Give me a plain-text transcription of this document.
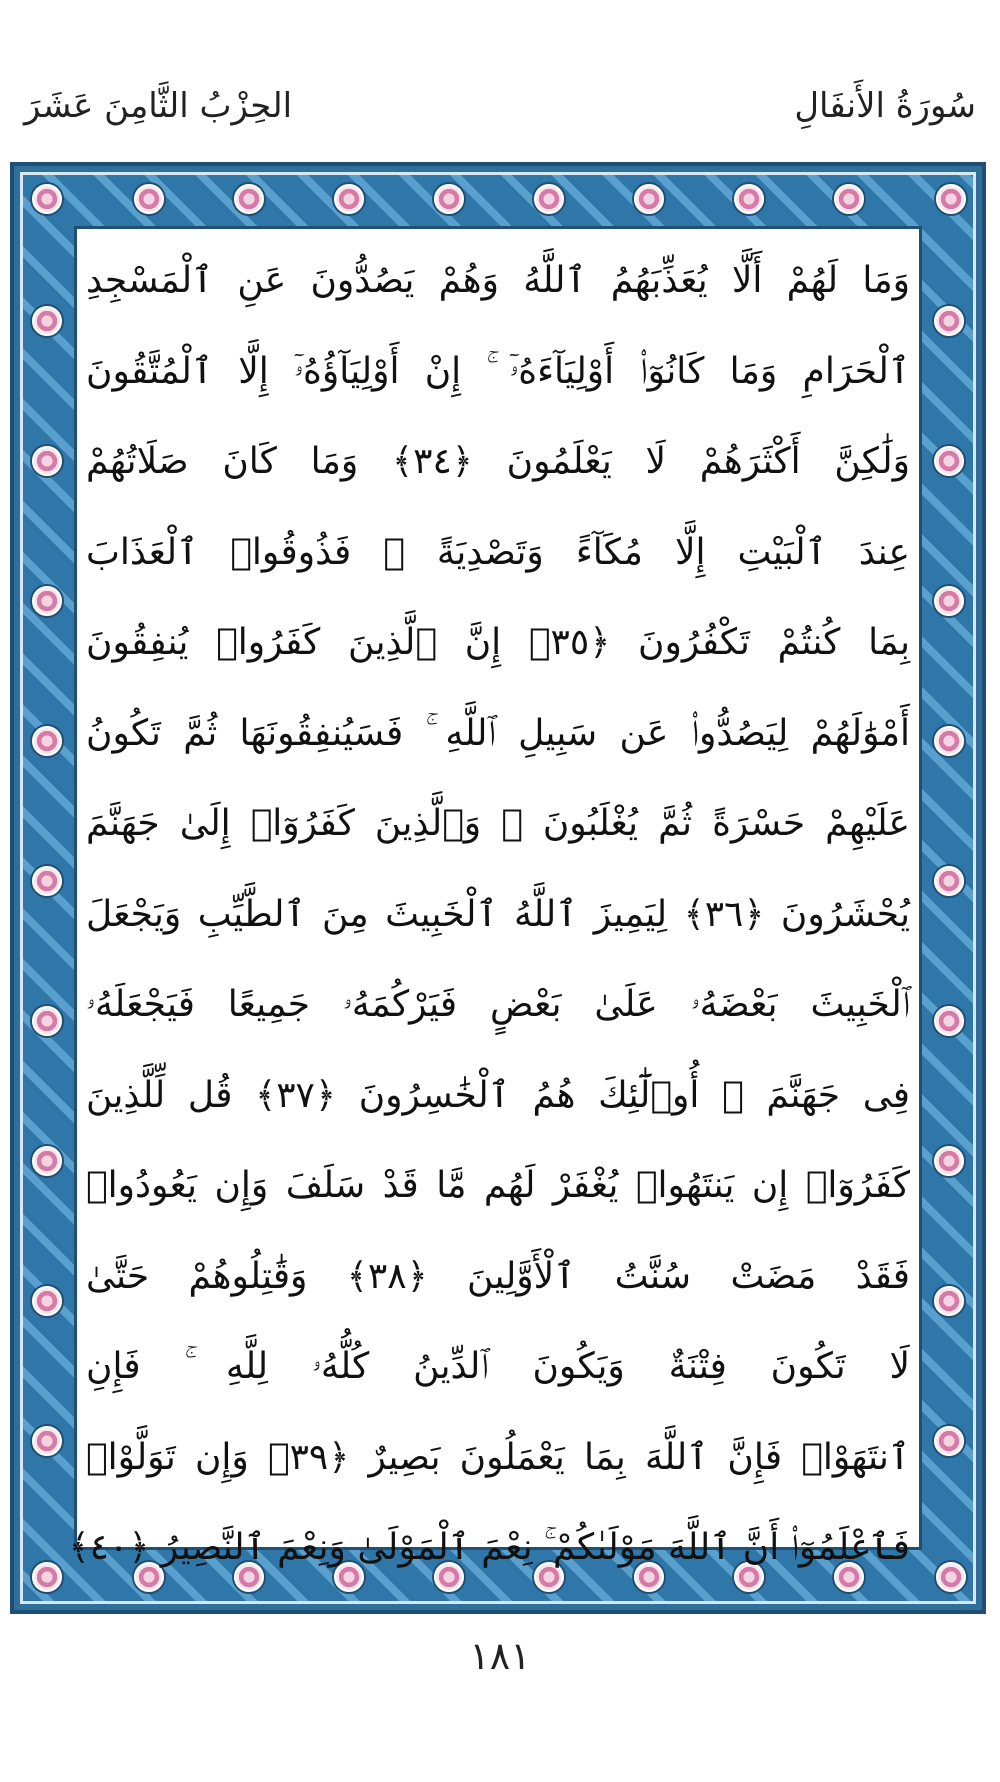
سُورَةُ الأَنفَالِ
الحِزْبُ الثَّامِنَ عَشَرَ
وَمَا لَهُمْ أَلَّا يُعَذِّبَهُمُ ٱللَّهُ وَهُمْ يَصُدُّونَ عَنِ ٱلْمَسْجِدِ
ٱلْحَرَامِ وَمَا كَانُوٓا۟ أَوْلِيَآءَهُۥٓ ۚ إِنْ أَوْلِيَآؤُهُۥٓ إِلَّا ٱلْمُتَّقُونَ
وَلَٰكِنَّ أَكْثَرَهُمْ لَا يَعْلَمُونَ ﴿٣٤﴾ وَمَا كَانَ صَلَاتُهُمْ
عِندَ ٱلْبَيْتِ إِلَّا مُكَآءً وَتَصْدِيَةً ۚ فَذُوقُوا۟ ٱلْعَذَابَ
بِمَا كُنتُمْ تَكْفُرُونَ ﴿٣٥﴾ إِنَّ ٱلَّذِينَ كَفَرُوا۟ يُنفِقُونَ
أَمْوَٰلَهُمْ لِيَصُدُّوا۟ عَن سَبِيلِ ٱللَّهِ ۚ فَسَيُنفِقُونَهَا ثُمَّ تَكُونُ
عَلَيْهِمْ حَسْرَةً ثُمَّ يُغْلَبُونَ ۗ وَٱلَّذِينَ كَفَرُوٓا۟ إِلَىٰ جَهَنَّمَ
يُحْشَرُونَ ﴿٣٦﴾ لِيَمِيزَ ٱللَّهُ ٱلْخَبِيثَ مِنَ ٱلطَّيِّبِ وَيَجْعَلَ
ٱلْخَبِيثَ بَعْضَهُۥ عَلَىٰ بَعْضٍ فَيَرْكُمَهُۥ جَمِيعًا فَيَجْعَلَهُۥ
فِى جَهَنَّمَ ۚ أُو۟لَٰٓئِكَ هُمُ ٱلْخَٰسِرُونَ ﴿٣٧﴾ قُل لِّلَّذِينَ
كَفَرُوٓا۟ إِن يَنتَهُوا۟ يُغْفَرْ لَهُم مَّا قَدْ سَلَفَ وَإِن يَعُودُوا۟
فَقَدْ مَضَتْ سُنَّتُ ٱلْأَوَّلِينَ ﴿٣٨﴾ وَقَٰتِلُوهُمْ حَتَّىٰ
لَا تَكُونَ فِتْنَةٌ وَيَكُونَ ٱلدِّينُ كُلُّهُۥ لِلَّهِ ۚ فَإِنِ
ٱنتَهَوْا۟ فَإِنَّ ٱللَّهَ بِمَا يَعْمَلُونَ بَصِيرٌ ﴿٣٩﴾ وَإِن تَوَلَّوْا۟
فَٱعْلَمُوٓا۟ أَنَّ ٱللَّهَ مَوْلَىٰكُمْ ۚ نِعْمَ ٱلْمَوْلَىٰ وَنِعْمَ ٱلنَّصِيرُ ﴿٤٠﴾
١٨١
